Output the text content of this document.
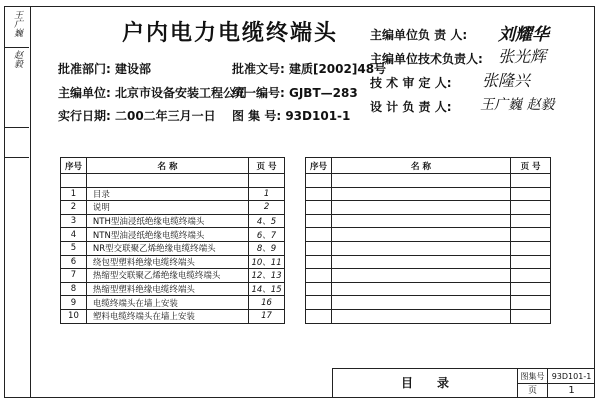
王广巍
赵毅
户内电力电缆终端头
批准部门: 建设部	批准文号: 建质[2002]48号
主编单位: 北京市设备安装工程公司
统一编号: GJBT—283
实行日期: 二00二年三月一日 图 集 号: 93D101-1
主编单位负 责 人: 刘耀华
主编单位技术负责人: 张光辉
技 术 审 定 人: 张隆兴
设 计 负 责 人: 王广巍 赵毅
序号	名 称	页 号

1	目录	1
2	说明	2
3	NTH型油浸纸绝缘电缆终端头	4、5
4	NTN型油浸纸绝缘电缆终端头	6、7
5	NR型交联聚乙烯绝缘电缆终端头	8、9
6	绕包型塑料绝缘电缆终端头	10、11
7	热缩型交联聚乙烯绝缘电缆终端头	12、13
8	热缩型塑料绝缘电缆终端头	14、15
9	电缆终端头在墙上安装	16
10	塑料电缆终端头在墙上安装	17
序号	名 称	页 号

目　　录	图集号 93D101-1
页	1
